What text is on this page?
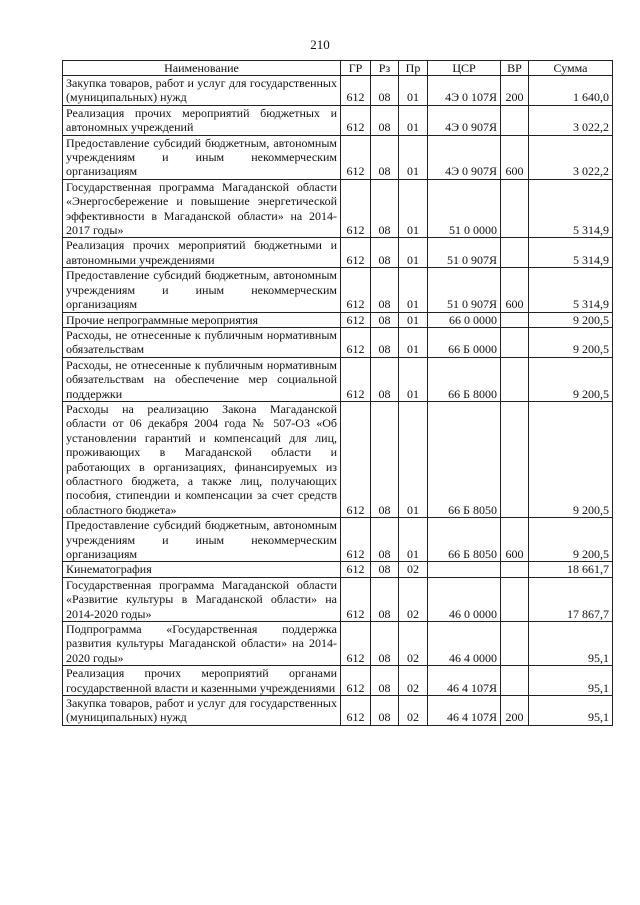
210
Наименование	ГР	Рз	Пр	ЦСР	ВР	Сумма
Закупка товаров, работ и услуг для государственных (муниципальных) нужд	612	08	01	4Э 0 107Я	200	1 640,0
Реализация прочих мероприятий бюджетных и автономных учреждений	612	08	01	4Э 0 907Я		3 022,2
Предоставление субсидий бюджетным, автономным учреждениям и иным некоммерческим организациям	612	08	01	4Э 0 907Я	600	3 022,2
Государственная программа Магаданской области «Энергосбережение и повышение энергетической эффективности в Магаданской области» на 2014-2017 годы»	612	08	01	51 0 0000		5 314,9
Реализация прочих мероприятий бюджетными и автономными учреждениями	612	08	01	51 0 907Я		5 314,9
Предоставление субсидий бюджетным, автономным учреждениям и иным некоммерческим организациям	612	08	01	51 0 907Я	600	5 314,9
Прочие непрограммные мероприятия	612	08	01	66 0 0000		9 200,5
Расходы, не отнесенные к публичным нормативным обязательствам	612	08	01	66 Б 0000		9 200,5
Расходы, не отнесенные к публичным нормативным обязательствам на обеспечение мер социальной поддержки	612	08	01	66 Б 8000		9 200,5
Расходы на реализацию Закона Магаданской области от 06 декабря 2004 года № 507-ОЗ «Об установлении гарантий и компенсаций для лиц, проживающих в Магаданской области и работающих в организациях, финансируемых из областного бюджета, а также лиц, получающих пособия, стипендии и компенсации за счет средств областного бюджета»	612	08	01	66 Б 8050		9 200,5
Предоставление субсидий бюджетным, автономным учреждениям и иным некоммерческим организациям	612	08	01	66 Б 8050	600	9 200,5
Кинематография	612	08	02			18 661,7
Государственная программа Магаданской области «Развитие культуры в Магаданской области» на 2014-2020 годы»	612	08	02	46 0 0000		17 867,7
Подпрограмма «Государственная поддержка развития культуры Магаданской области» на 2014-2020 годы»	612	08	02	46 4 0000		95,1
Реализация прочих мероприятий органами государственной власти и казенными учреждениями	612	08	02	46 4 107Я		95,1
Закупка товаров, работ и услуг для государственных (муниципальных) нужд	612	08	02	46 4 107Я	200	95,1
